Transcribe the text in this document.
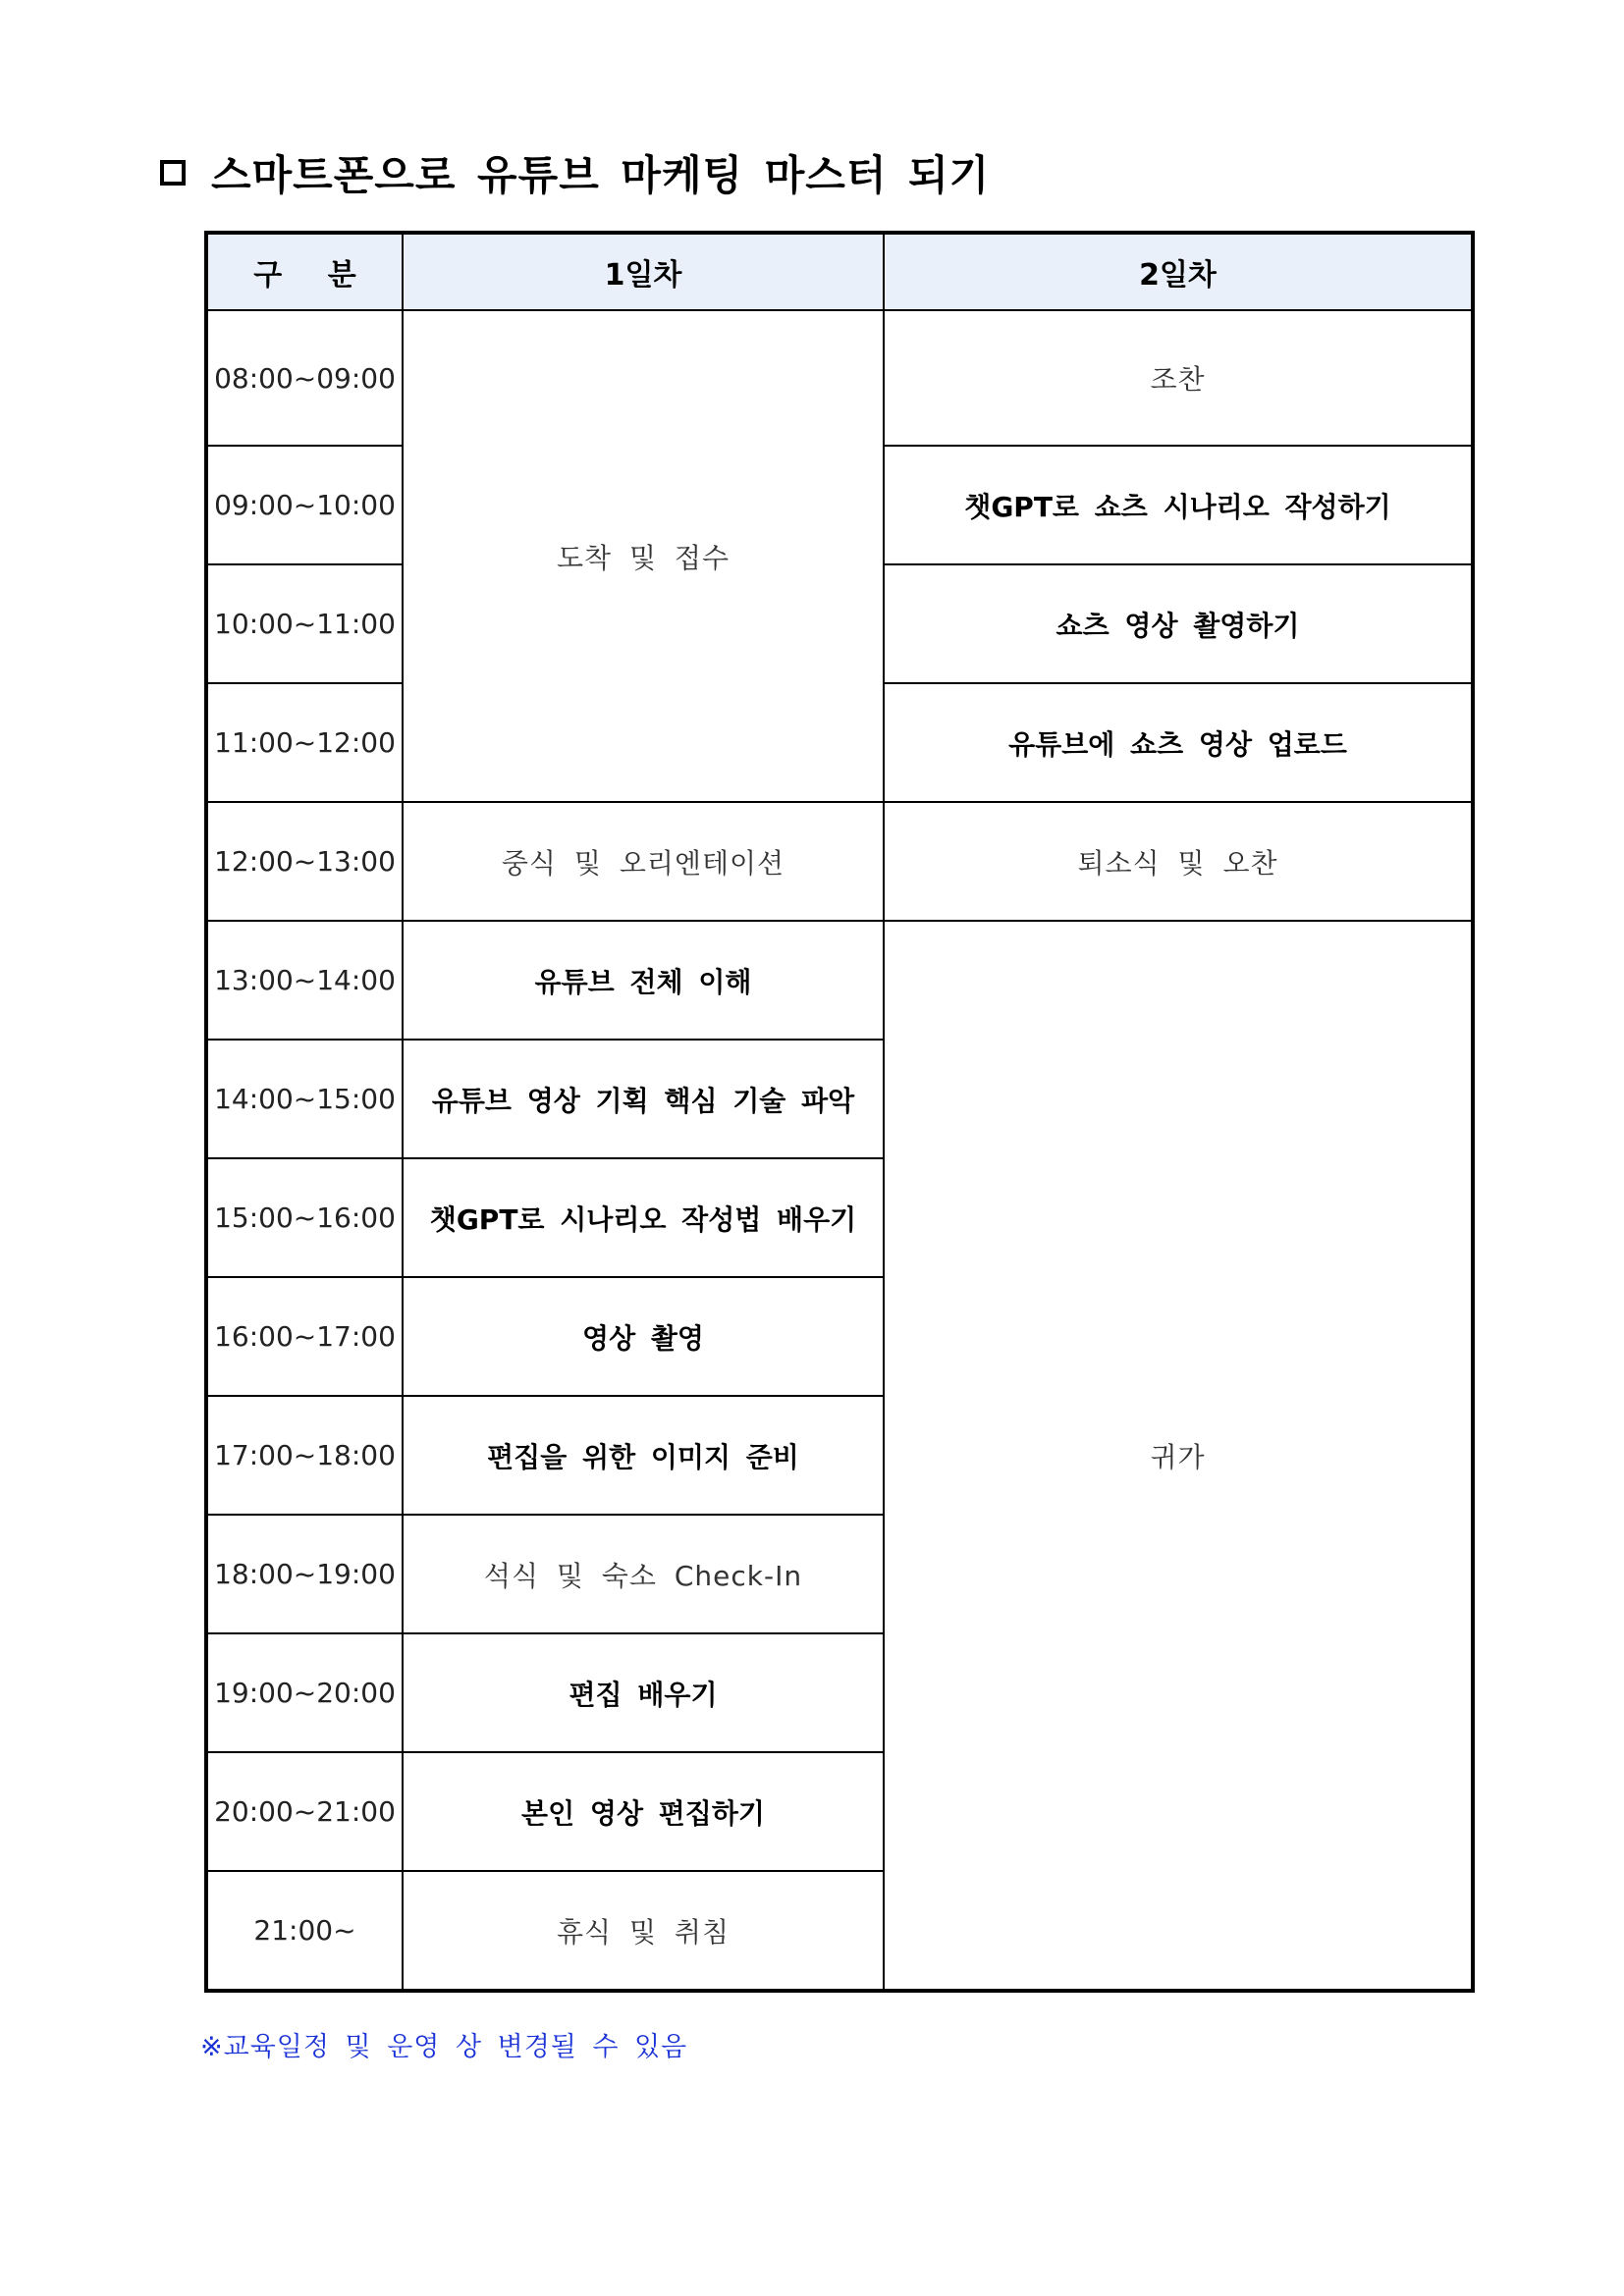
스마트폰으로 유튜브 마케팅 마스터 되기
구 분	1일차	2일차
08:00~09:00	도착 및 접수	조찬
09:00~10:00		챗GPT로 쇼츠 시나리오 작성하기
10:00~11:00		쇼츠 영상 촬영하기
11:00~12:00		유튜브에 쇼츠 영상 업로드
12:00~13:00	중식 및 오리엔테이션	퇴소식 및 오찬
13:00~14:00	유튜브 전체 이해	귀가
14:00~15:00	유튜브 영상 기획 핵심 기술 파악	
15:00~16:00	챗GPT로 시나리오 작성법 배우기	
16:00~17:00	영상 촬영	
17:00~18:00	편집을 위한 이미지 준비	
18:00~19:00	석식 및 숙소 Check-In	
19:00~20:00	편집 배우기	
20:00~21:00	본인 영상 편집하기	
21:00~	휴식 및 취침	
※교육일정 및 운영 상 변경될 수 있음
